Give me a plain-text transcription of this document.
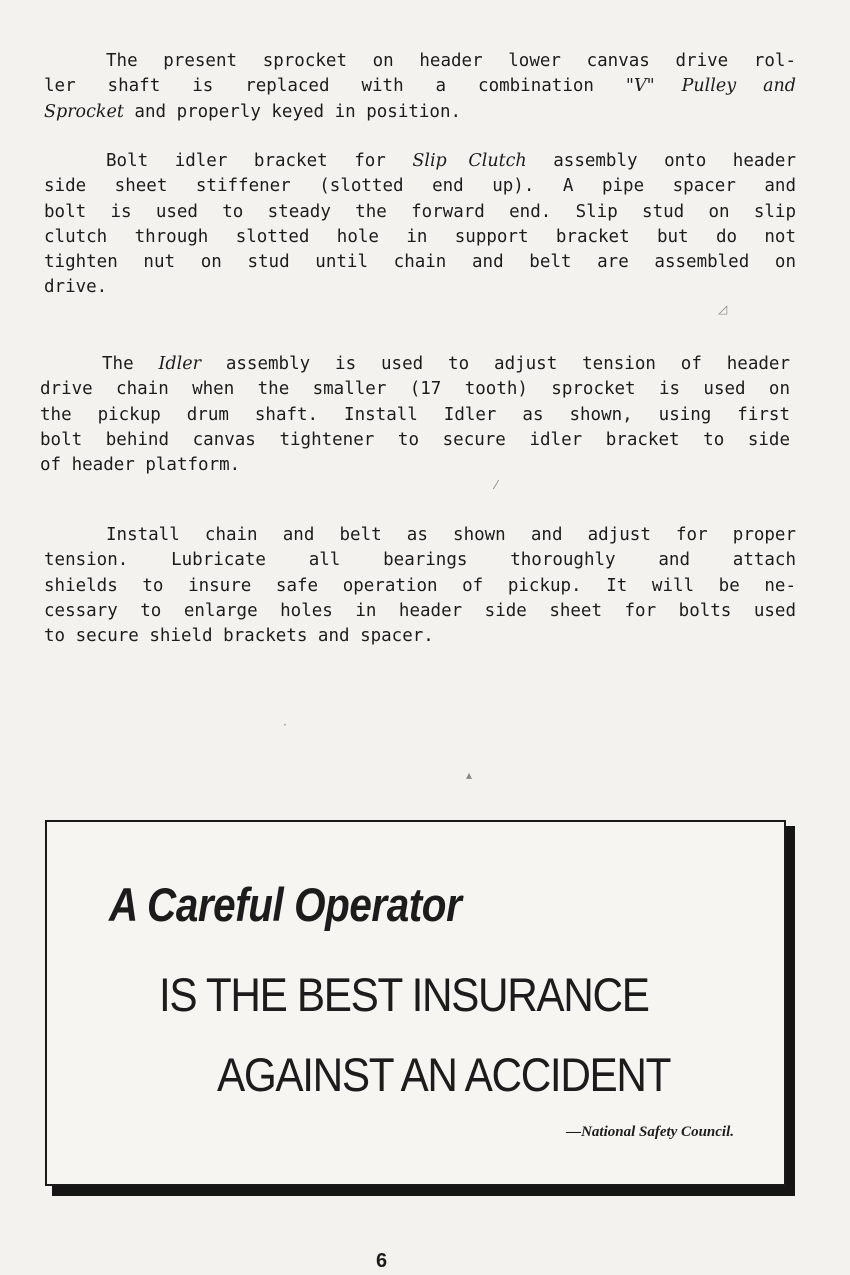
The present sprocket on header lower canvas drive rol-
ler shaft is replaced with a combination "V" Pulley and
Sprocket and properly keyed in position.

Bolt idler bracket for Slip Clutch assembly onto header
side sheet stiffener (slotted end up). A pipe spacer and
bolt is used to steady the forward end. Slip stud on slip
clutch through slotted hole in support bracket but do not
tighten nut on stud until chain and belt are assembled on
drive.

The Idler assembly is used to adjust tension of header
drive chain when the smaller (17 tooth) sprocket is used on
the pickup drum shaft. Install Idler as shown, using first
bolt behind canvas tightener to secure idler bracket to side
of header platform.

Install chain and belt as shown and adjust for proper
tension. Lubricate all bearings thoroughly and attach
shields to insure safe operation of pickup. It will be ne-
cessary to enlarge holes in header side sheet for bolts used
to secure shield brackets and spacer.

◿
⁄
·
▴
A Careful Operator
IS THE BEST INSURANCE
AGAINST AN ACCIDENT
—National Safety Council.
6
